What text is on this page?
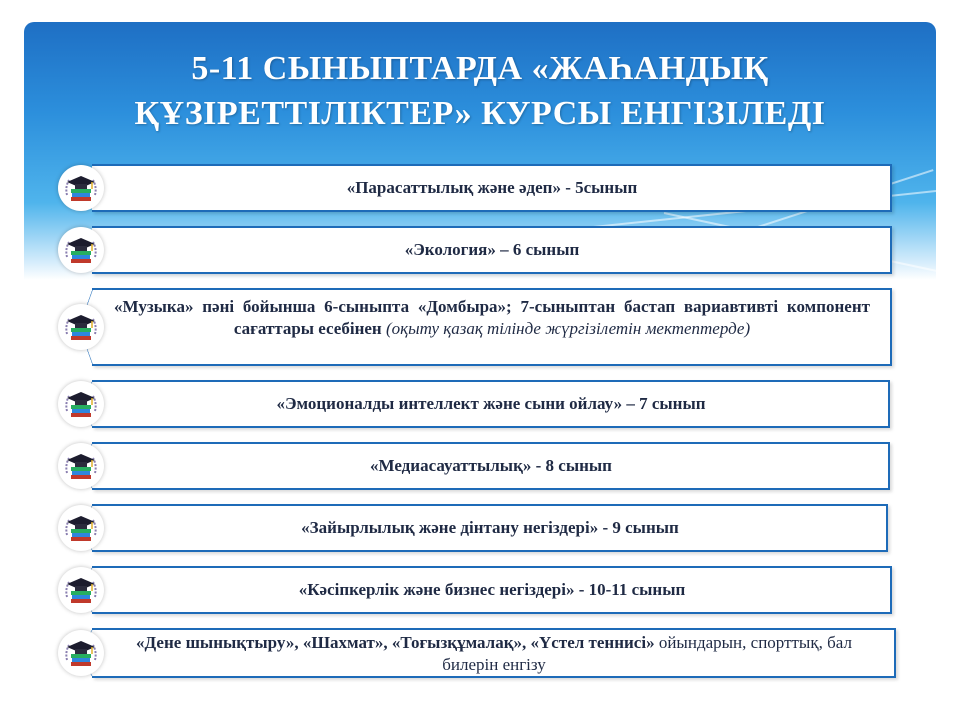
5-11 СЫНЫПТАРДА «ЖАҺАНДЫҚ
ҚҰЗІРЕТТІЛІКТЕР» КУРСЫ ЕНГІЗІЛЕДІ
«Парасаттылық және әдеп» - 5сынып
«Экология» – 6 сынып
«Музыка» пәні бойынша 6-сыныпта «Домбыра»; 7-сыныптан бастап вариавтивті компонент сағаттары есебінен (оқыту қазақ тілінде жүргізілетін мектептерде)
«Эмоционалды интеллект және сыни ойлау» – 7 сынып
«Медиасауаттылық» - 8 сынып
«Зайырлылық және дінтану негіздері» - 9 сынып
«Кәсіпкерлік және бизнес негіздері» - 10-11 сынып
«Дене шынықтыру», «Шахмат», «Тоғызқұмалақ», «Үстел теннисі» ойындарын, спорттық, бал билерін енгізу
